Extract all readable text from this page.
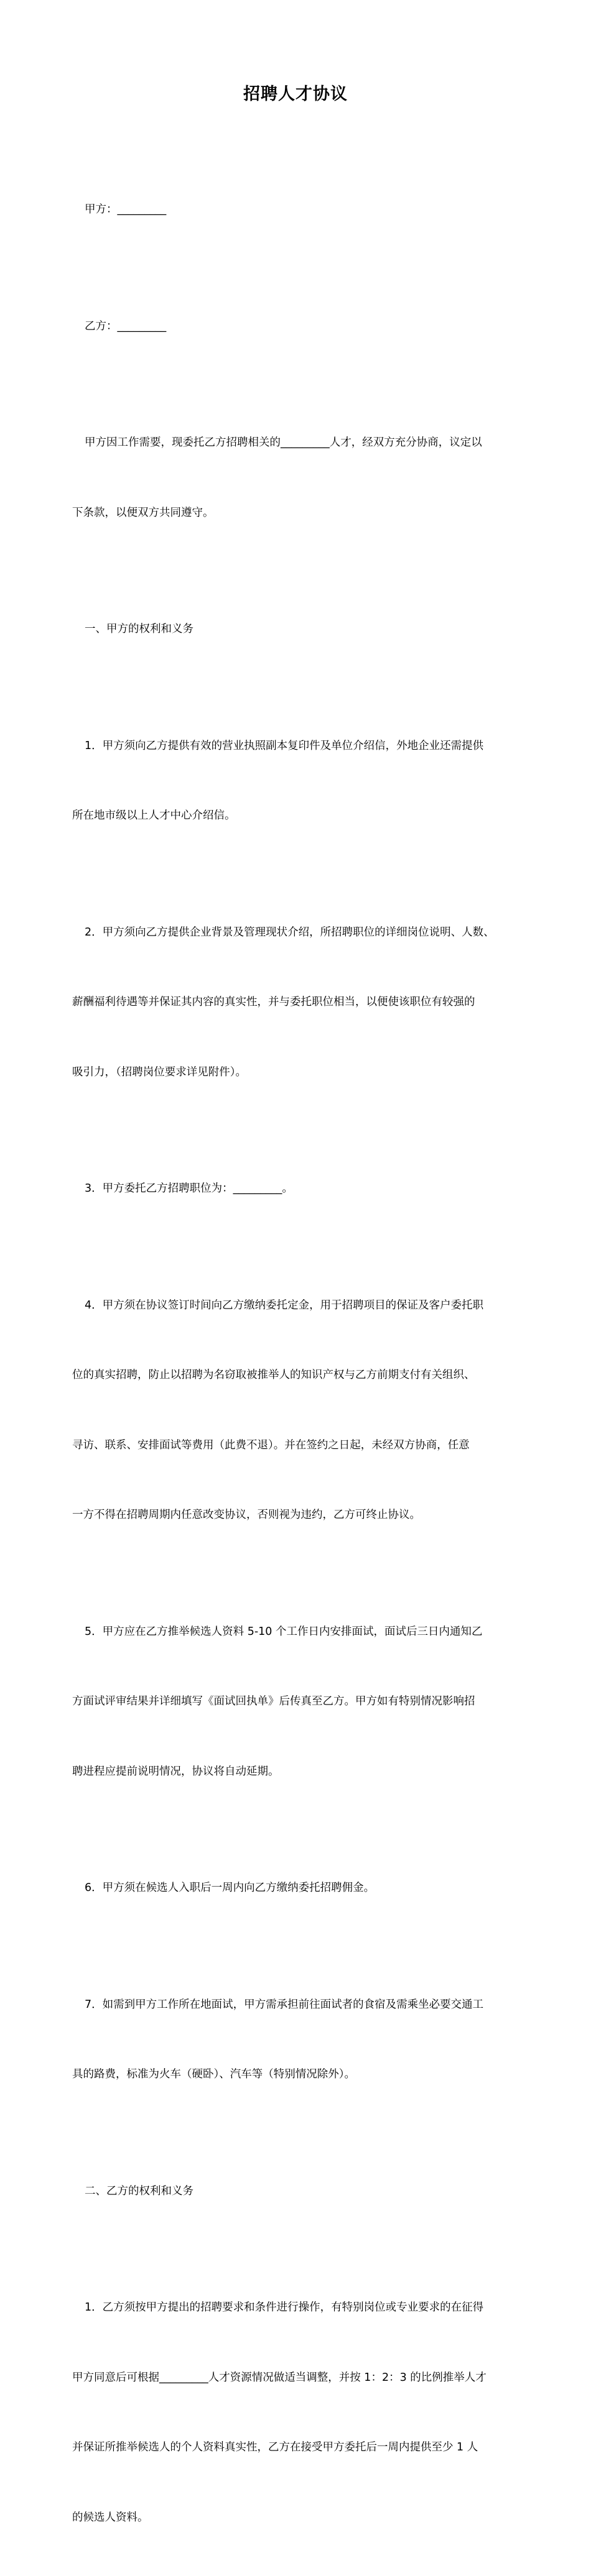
招聘人才协议

甲方：_________

乙方：_________

甲方因工作需要，现委托乙方招聘相关的_________人才，经双方充分协商，议定以

下条款，以便双方共同遵守。

一、甲方的权利和义务

1．甲方须向乙方提供有效的营业执照副本复印件及单位介绍信，外地企业还需提供

所在地市级以上人才中心介绍信。

2．甲方须向乙方提供企业背景及管理现状介绍，所招聘职位的详细岗位说明、人数、

薪酬福利待遇等并保证其内容的真实性，并与委托职位相当，以便使该职位有较强的

吸引力，（招聘岗位要求详见附件）。

3．甲方委托乙方招聘职位为：_________。

4．甲方须在协议签订时间向乙方缴纳委托定金，用于招聘项目的保证及客户委托职

位的真实招聘，防止以招聘为名窃取被推举人的知识产权与乙方前期支付有关组织、

寻访、联系、安排面试等费用（此费不退）。并在签约之日起，未经双方协商，任意

一方不得在招聘周期内任意改变协议，否则视为违约，乙方可终止协议。

5．甲方应在乙方推举候选人资料 5-10 个工作日内安排面试，面试后三日内通知乙

方面试评审结果并详细填写《面试回执单》后传真至乙方。甲方如有特别情况影响招

聘进程应提前说明情况，协议将自动延期。

6．甲方须在候选人入职后一周内向乙方缴纳委托招聘佣金。

7．如需到甲方工作所在地面试，甲方需承担前往面试者的食宿及需乘坐必要交通工

具的路费，标准为火车（硬卧）、汽车等（特别情况除外）。

二、乙方的权利和义务

1．乙方须按甲方提出的招聘要求和条件进行操作，有特别岗位或专业要求的在征得

甲方同意后可根据_________人才资源情况做适当调整，并按 1：2：3 的比例推举人才

并保证所推举候选人的个人资料真实性，乙方在接受甲方委托后一周内提供至少 1 人

的候选人资料。
